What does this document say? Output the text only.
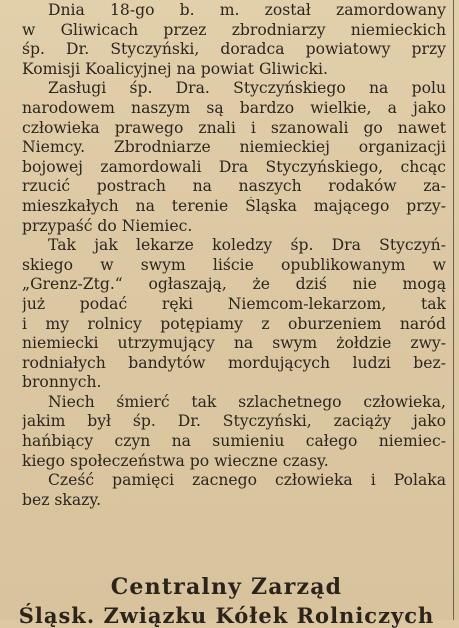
Dnia 18-go b. m. został zamordowany
w Gliwicach przez zbrodniarzy niemieckich
śp. Dr. Styczyński, doradca powiatowy przy
Komisji Koalicyjnej na powiat Gliwicki.
Zasługi śp. Dra. Styczyńskiego na polu
narodowem naszym są bardzo wielkie, a jako
człowieka prawego znali i szanowali go nawet
Niemcy. Zbrodniarze niemieckiej organizacji
bojowej zamordowali Dra Styczyńskiego, chcąc
rzucić postrach na naszych rodaków za-
mieszkałych na terenie Śląska mającego przy-
przypaść do Niemiec.
Tak jak lekarze koledzy śp. Dra Styczyń-
skiego w swym liście opublikowanym w
„Grenz-Ztg.“ ogłaszają, że dziś nie mogą
już podać ręki Niemcom-lekarzom, tak
i my rolnicy potępiamy z oburzeniem naród
niemiecki utrzymujący na swym żołdzie zwy-
rodniałych bandytów mordujących ludzi bez-
bronnych.
Niech śmierć tak szlachetnego człowieka,
jakim był śp. Dr. Styczyński, zaciąży jako
hańbiący czyn na sumieniu całego niemiec-
kiego społeczeństwa po wieczne czasy.
Cześć pamięci zacnego człowieka i Polaka
bez skazy.
Centralny Zarząd
Śląsk. Związku Kółek Rolniczych
